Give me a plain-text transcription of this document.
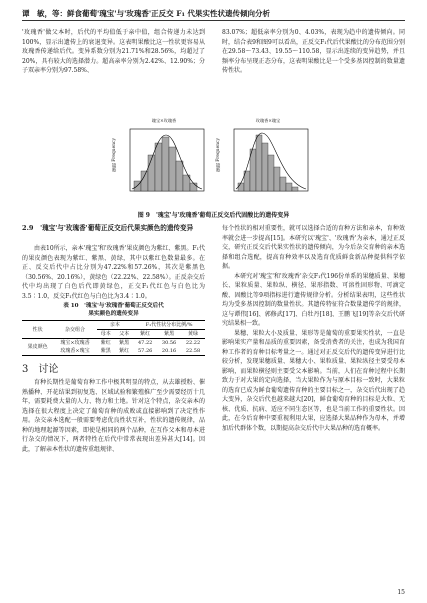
谭　敏，等：鲜食葡萄'瑰宝'与'玫瑰香'正反交 F₁ 代果实性状遗传倾向分析

'玫瑰香'做父本时，后代的平均值低于亲中值，组合传递力未达到100%，显示出遗传上的衰退变异。这表明果酸比这一性状更容易从玫瑰香传递给后代。变异系数分别为21.71%和28.56%，均超过了20%，具有较大的选择潜力。超高亲率分别为2.42%、12.90%；分子双亲率分别为97.58%、

83.07%；超低亲率分别为0、4.03%，表现为趋中的遗传倾向。同时，结合表9和图9可以看出，正反交F₁代后代果酸比的分布范围分别在29.58～73.43、19.55～110.58，显示出连续的变异趋势，并且频率分布呈现正态分布，这表明果酸比是一个受多基因控制的数量遗传性状。

瑰宝×玫瑰香
频数 Frequency
玫瑰香×瑰宝
频数 Frequency
图 9　'瑰宝'与'玫瑰香'葡萄正反交后代固酸比的遗传变异
2.9　'瑰宝'与'玫瑰香'葡萄正反交后代果实颜色的遗传变异

由表10所示，亲本'瑰宝'和'玫瑰香'果皮颜色为紫红、紫黑。F₁代的果皮颜色表现为紫红、紫黑、黄绿，其中以紫红色数量最多。在正、反交后代中占比分别为47.22%和57.26%，其次是紫黑色（30.56%、20.16%），黄绿色（22.22%、22.58%）。正反杂交后代中均出现了白色后代即黄绿色，正交F₁代红色与白色比为3.5∶1.0，反交F₁代红色与白色比为3.4∶1.0。

表 10　'瑰宝'与'玫瑰香'葡萄正反交后代
果实颜色的遗传变异
性状	杂交组合	亲本		F₁代性状分布比例/%		
		母本	父本	紫红	紫黑	黄绿
果皮颜色	瑰宝×玫瑰香	紫红	紫黑	47.22	30.56	22.22
	玫瑰香×瑰宝	紫黑	紫红	57.26	20.16	22.58
3　讨论

育种长期性是葡萄育种工作中极其明显的特点，从去雄授粉、催熟播种、开花结果到初复选、区域试验和繁殖推广至少需要经历十几年，需要耗费大量的人力、物力和土地。针对这个特点，杂交亲本的选择在很大程度上决定了葡萄育种的成败或直接影响到了决定性作用。杂交亲本选配一般需要考虑优良性状互补，性状的遗传规律，品种的地理起源等因素，即使是相同的两个品种，在互作父本和母本进行杂交的情况下，两者特性在后代中常常表现出差异甚大[14]。因此，了解亲本性状的遗传重组规律、

每个性状的相对重要性，就可以选择合适的育种方法和亲本，育种效率就会进一步提高[15]。本研究以'瑰宝'、'玫瑰香'为亲本，通过正反交，研究正反交后代果实性状的遗传倾向，为今后杂交育种的亲本选择和组合选配，提高育种效率以及选育优质鲜食新品种提供科学依据。

本研究对'瑰宝'和'玫瑰香'杂交F₁代196份单系的果穗质量、果穗长、果粒质量、果粒纵、横径、果形指数、可溶性固形物、可滴定酸、固酸比等9项指标进行遗传规律分析。分析结果表明，这些性状均为受多基因控制的数量性状。其遗传特征符合数量遗传学的规律，这与谭伟[16]、郭修武[17]、白牡丹[18]、王鹏飞[19]等杂交后代研究结果相一致。

果穗、果粒大小及质量、果形等是葡萄的重要果实性状，一直是影响果实产量和品质的重要因素，备受消费者的关注，也成为我国育种工作者的育种目标考量之一。通过对正反交后代的遗传变异进行比较分析，发现果穗质量、果穗大小、果粒质量、果粒纵径主要受母本影响，而果粒横径则主要受父本影响。当前，人们在育种过程中长期致力于对大果的定向选择，当大果粒作为与原本目标一致时，大果粒的选育已成为鲜食葡萄遗传育种的主要目标之一，杂交后代出现了趋大变异，杂交后代也越来越大[20]，鲜食葡萄育种的目标是大粒、无核、优质、抗病、适应不同生态区等，也是当前工作的重要性状。因此，在今后育种中要重视利用大果，应选择大果品种作为母本，并增加后代群体个数，以期提高杂交后代中大果品种的选育概率。

15
